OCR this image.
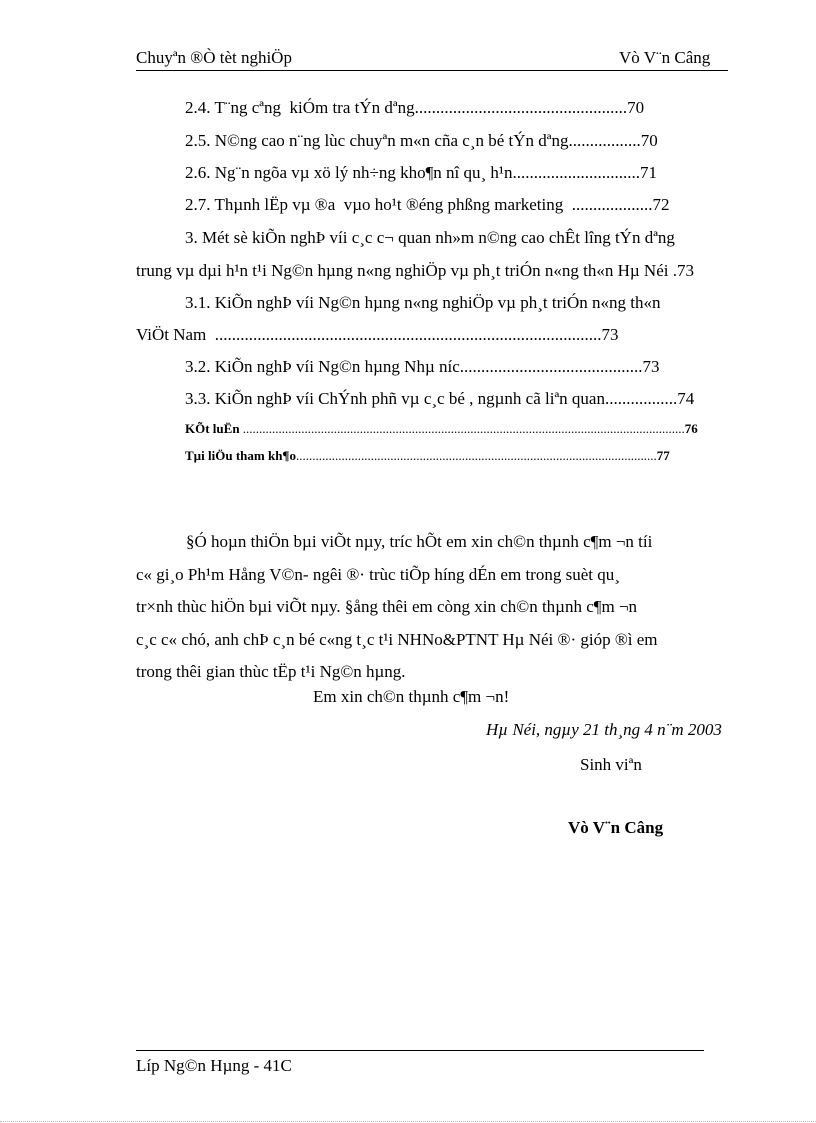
Chuyªn ®Ò tèt nghiÖp	Vò V¨n Câng
2.4. T¨ng cªng  kiÓm tra tÝn dªng..................................................70
2.5. N©ng cao n¨ng lùc chuyªn m«n cña c¸n bé tÝn dªng.................70
2.6. Ng¨n ngõa vµ xö lý nh÷ng kho¶n nî qu¸ h¹n..............................71
2.7. Thµnh lËp vµ ®a  vµo ho¹t ®éng phßng marketing  ...................72
3. Mét sè kiÕn nghÞ víi c¸c c¬ quan nh»m n©ng cao chÊt lîng tÝn dªng
trung vµ dµi h¹n t¹i Ng©n hµng n«ng nghiÖp vµ ph¸t triÓn n«ng th«n Hµ Néi .73
3.1. KiÕn nghÞ víi Ng©n hµng n«ng nghiÖp vµ ph¸t triÓn n«ng th«n
ViÖt Nam  ...........................................................................................73
3.2. KiÕn nghÞ víi Ng©n hµng Nhµ níc...........................................73
3.3. KiÕn nghÞ víi ChÝnh phñ vµ c¸c bé , ngµnh cã liªn quan.................74
KÕt luËn ........................................................................................................................................76
Tµi liÖu tham kh¶o...............................................................................................................77
§Ó hoµn thiÖn bµi viÕt nµy, tríc hÕt em xin ch©n thµnh c¶m ¬n tíi
c« gi¸o Ph¹m Hång V©n- ngêi ®· trùc tiÕp híng dÉn em trong suèt qu¸
tr×nh thùc hiÖn bµi viÕt nµy. §ång thêi em còng xin ch©n thµnh c¶m ¬n
c¸c c« chó, anh chÞ c¸n bé c«ng t¸c t¹i NHNo&PTNT Hµ Néi ®· gióp ®ì em
trong thêi gian thùc tËp t¹i Ng©n hµng.
Em xin ch©n thµnh c¶m ¬n!
Hµ Néi, ngµy 21 th¸ng 4 n¨m 2003
Sinh viªn
Vò V¨n Câng
Líp Ng©n Hµng - 41C
